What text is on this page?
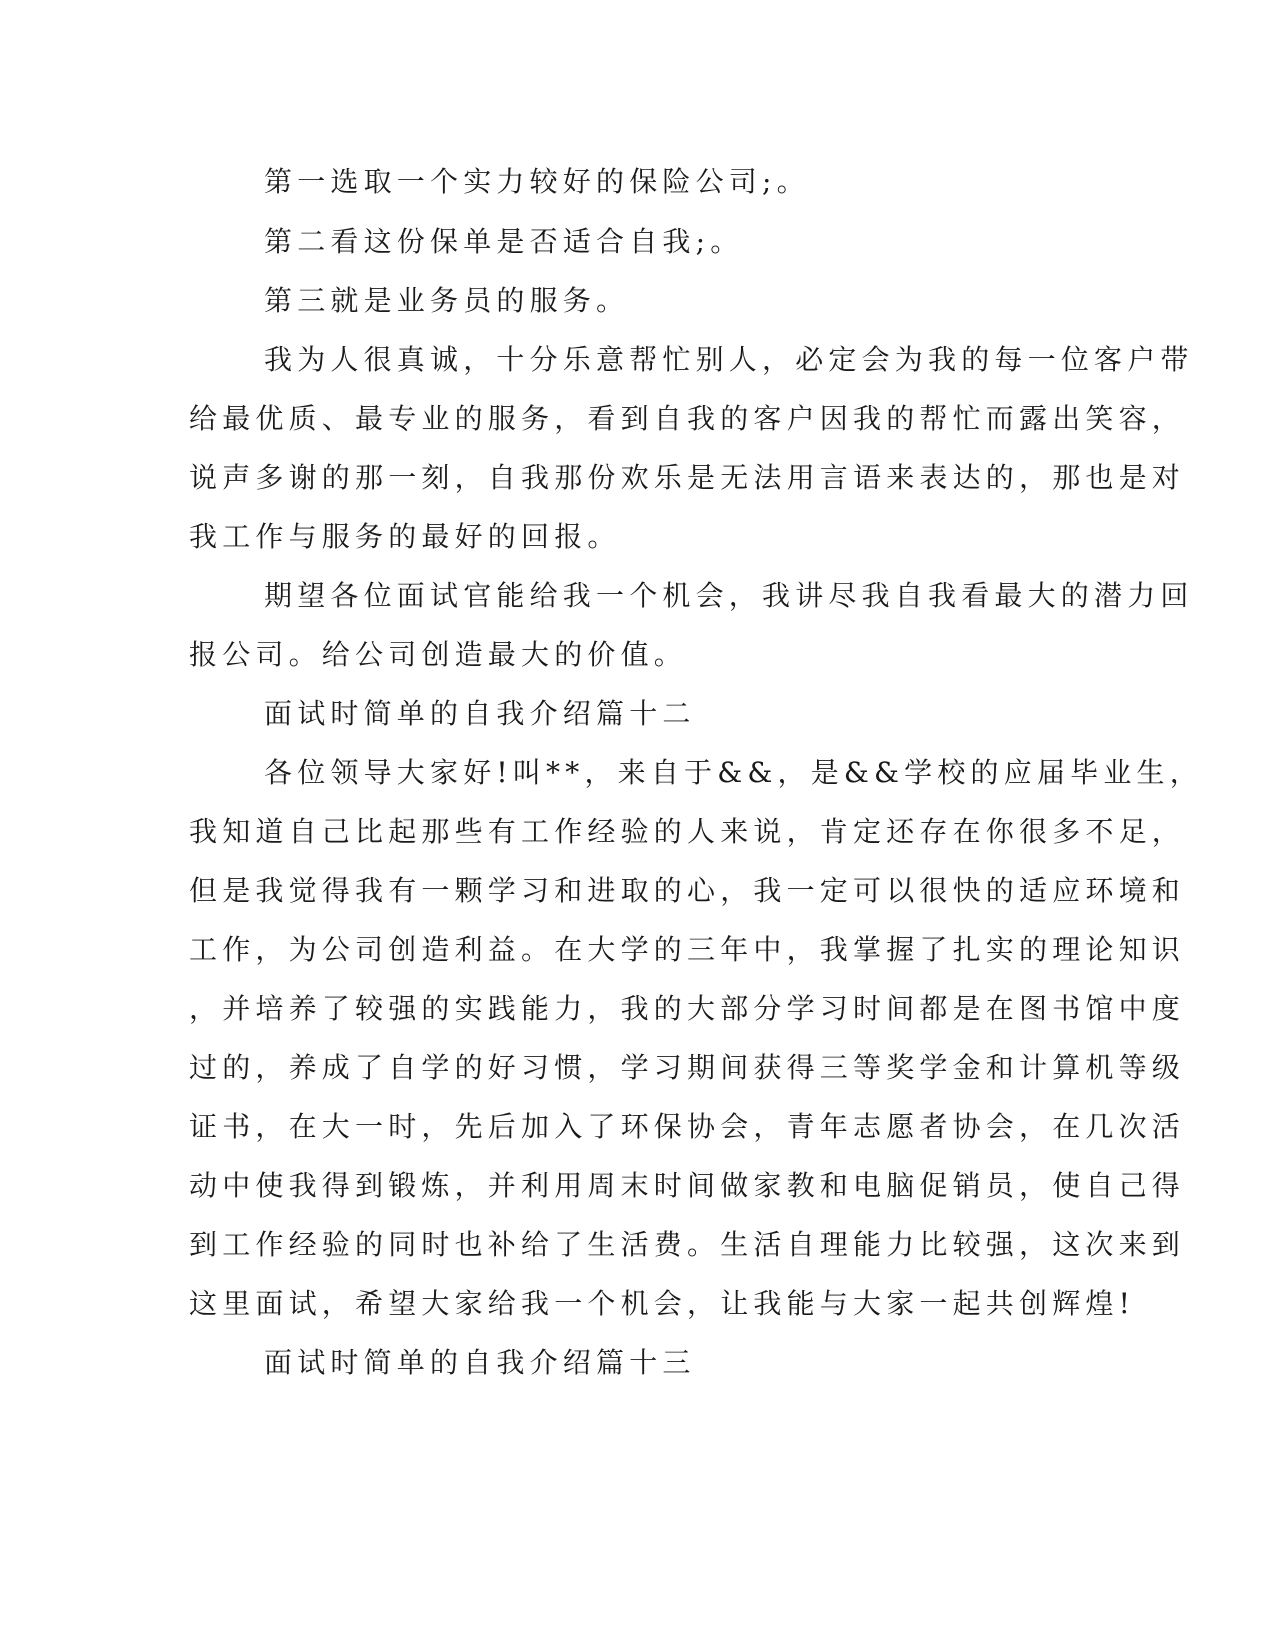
第一选取一个实力较好的保险公司;。
第二看这份保单是否适合自我;。
第三就是业务员的服务。
我为人很真诚，十分乐意帮忙别人，必定会为我的每一位客户带
给最优质、最专业的服务，看到自我的客户因我的帮忙而露出笑容，
说声多谢的那一刻，自我那份欢乐是无法用言语来表达的，那也是对
我工作与服务的最好的回报。
期望各位面试官能给我一个机会，我讲尽我自我看最大的潜力回
报公司。给公司创造最大的价值。
面试时简单的自我介绍篇十二
各位领导大家好!叫**，来自于&&，是&&学校的应届毕业生，
我知道自己比起那些有工作经验的人来说，肯定还存在你很多不足，
但是我觉得我有一颗学习和进取的心，我一定可以很快的适应环境和
工作，为公司创造利益。在大学的三年中，我掌握了扎实的理论知识
，并培养了较强的实践能力，我的大部分学习时间都是在图书馆中度
过的，养成了自学的好习惯，学习期间获得三等奖学金和计算机等级
证书，在大一时，先后加入了环保协会，青年志愿者协会，在几次活
动中使我得到锻炼，并利用周末时间做家教和电脑促销员，使自己得
到工作经验的同时也补给了生活费。生活自理能力比较强，这次来到
这里面试，希望大家给我一个机会，让我能与大家一起共创辉煌!
面试时简单的自我介绍篇十三
